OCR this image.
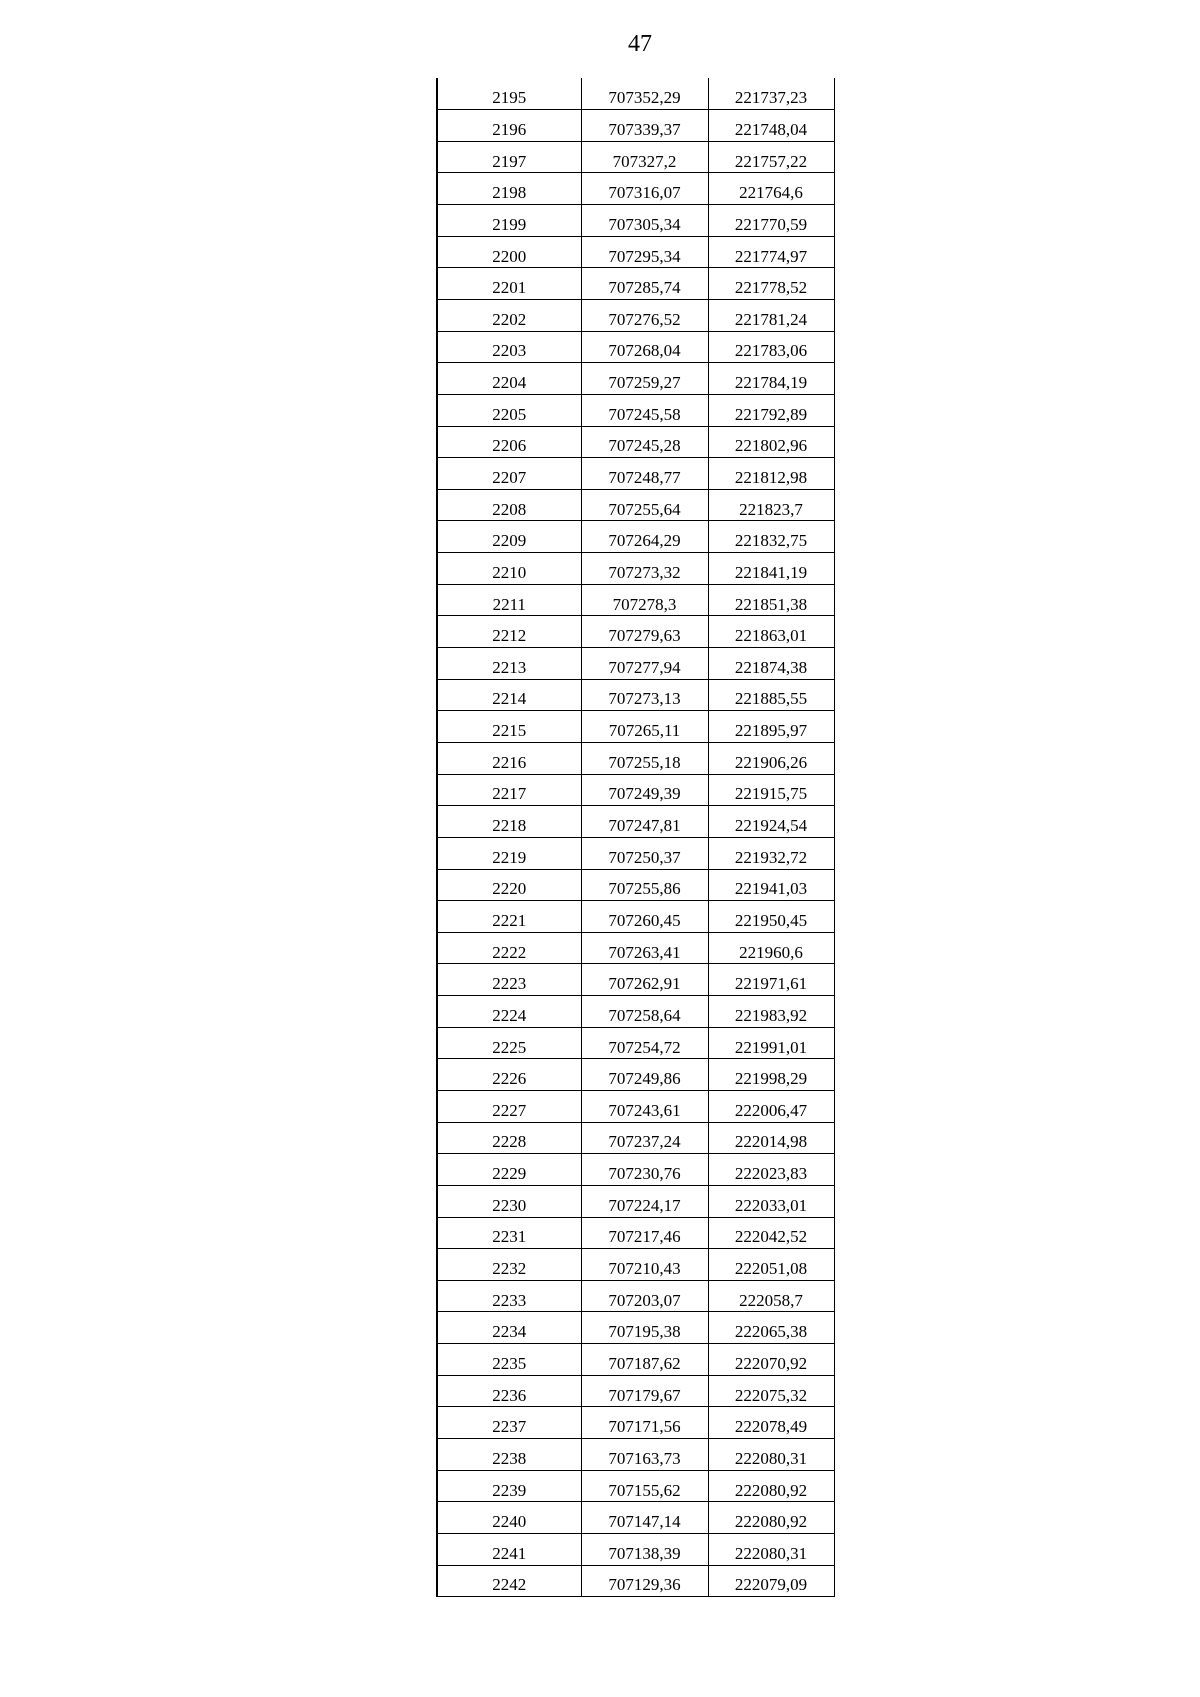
47
2195	707352,29	221737,23
2196	707339,37	221748,04
2197	707327,2	221757,22
2198	707316,07	221764,6
2199	707305,34	221770,59
2200	707295,34	221774,97
2201	707285,74	221778,52
2202	707276,52	221781,24
2203	707268,04	221783,06
2204	707259,27	221784,19
2205	707245,58	221792,89
2206	707245,28	221802,96
2207	707248,77	221812,98
2208	707255,64	221823,7
2209	707264,29	221832,75
2210	707273,32	221841,19
2211	707278,3	221851,38
2212	707279,63	221863,01
2213	707277,94	221874,38
2214	707273,13	221885,55
2215	707265,11	221895,97
2216	707255,18	221906,26
2217	707249,39	221915,75
2218	707247,81	221924,54
2219	707250,37	221932,72
2220	707255,86	221941,03
2221	707260,45	221950,45
2222	707263,41	221960,6
2223	707262,91	221971,61
2224	707258,64	221983,92
2225	707254,72	221991,01
2226	707249,86	221998,29
2227	707243,61	222006,47
2228	707237,24	222014,98
2229	707230,76	222023,83
2230	707224,17	222033,01
2231	707217,46	222042,52
2232	707210,43	222051,08
2233	707203,07	222058,7
2234	707195,38	222065,38
2235	707187,62	222070,92
2236	707179,67	222075,32
2237	707171,56	222078,49
2238	707163,73	222080,31
2239	707155,62	222080,92
2240	707147,14	222080,92
2241	707138,39	222080,31
2242	707129,36	222079,09
